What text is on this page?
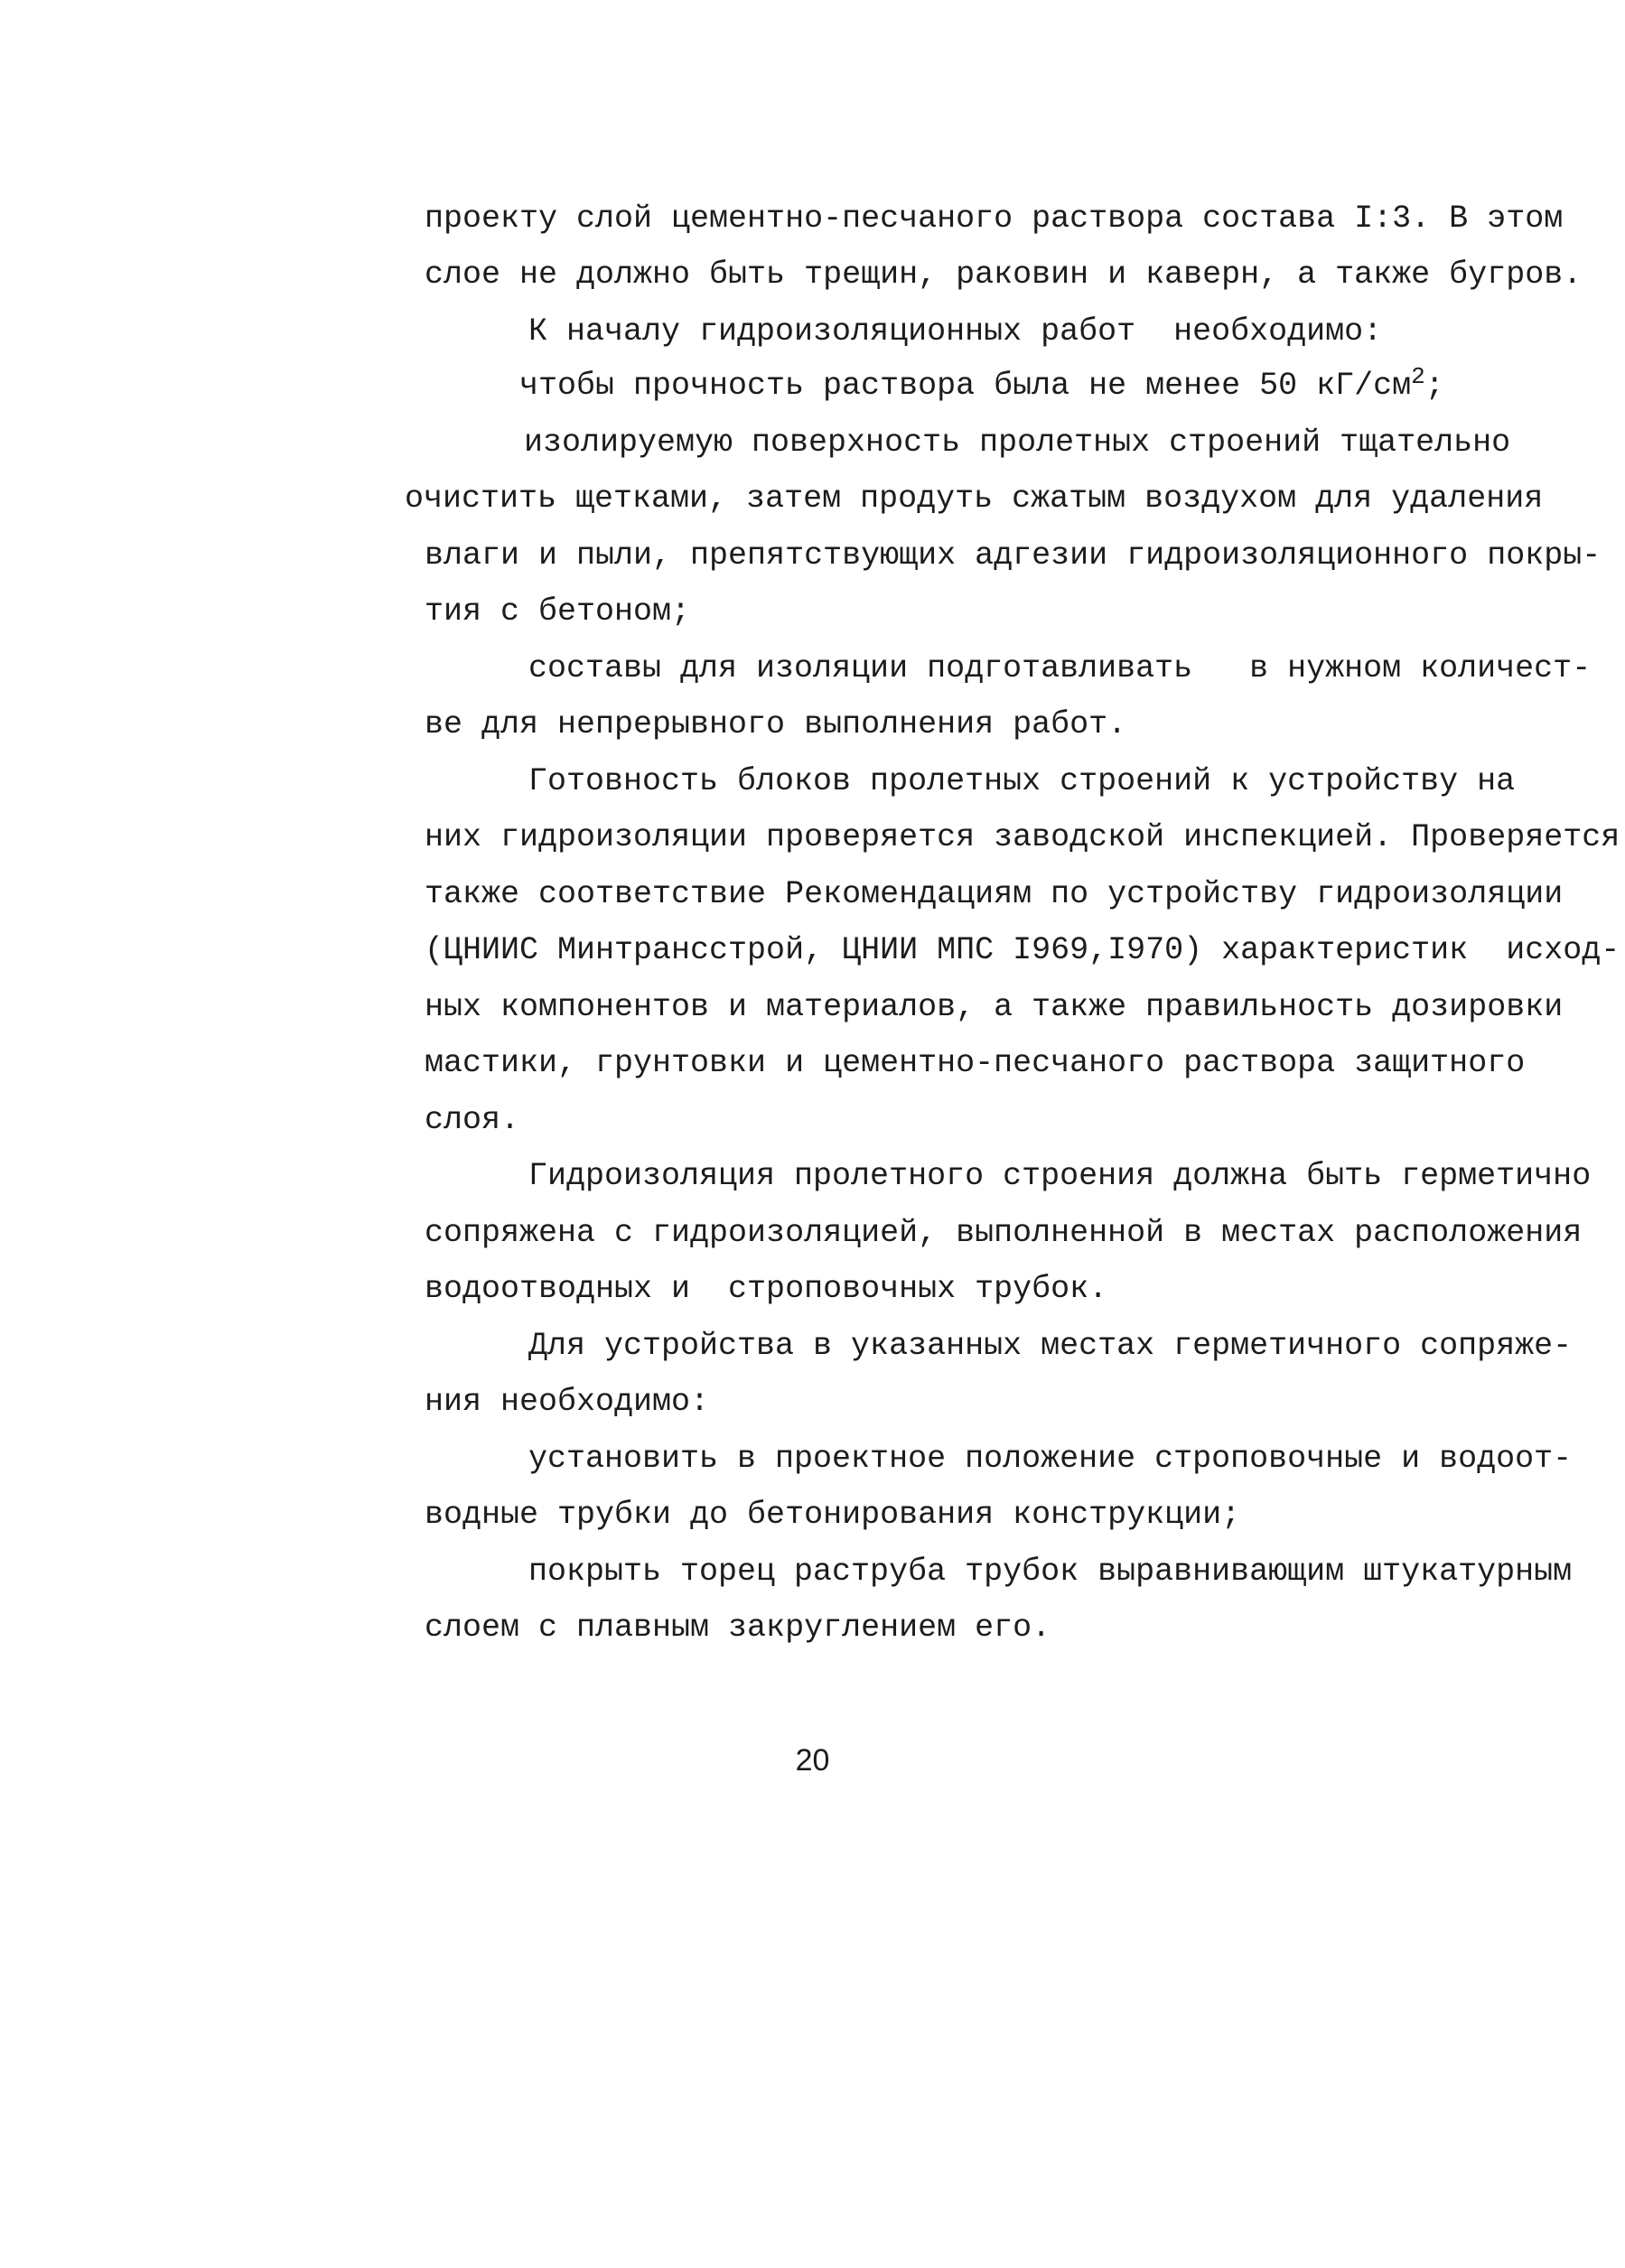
проекту слой цементно-песчаного раствора состава I:3. В этом
слое не должно быть трещин, раковин и каверн, а также бугров.
К началу гидроизоляционных работ  необходимо:
чтобы прочность раствора была не менее 50 $кГ/см^2$;
изолируемую поверхность пролетных строений тщательно
очистить щетками, затем продуть сжатым воздухом для удаления
влаги и пыли, препятствующих адгезии гидроизоляционного покры-
тия с бетоном;
составы для изоляции подготавливать   в нужном количест-
ве для непрерывного выполнения работ.
Готовность блоков пролетных строений к устройству на
них гидроизоляции проверяется заводской инспекцией. Проверяется
также соответствие Рекомендациям по устройству гидроизоляции
(ЦНИИС Минтрансстрой, ЦНИИ МПС I969,I970) характеристик  исход-
ных компонентов и материалов, а также правильность дозировки
мастики, грунтовки и цементно-песчаного раствора защитного
слоя.
Гидроизоляция пролетного строения должна быть герметично
сопряжена с гидроизоляцией, выполненной в местах расположения
водоотводных и  строповочных трубок.
Для устройства в указанных местах герметичного сопряже-
ния необходимо:
установить в проектное положение строповочные и водоот-
водные трубки до бетонирования конструкции;
покрыть торец раструба трубок выравнивающим штукатурным
слоем с плавным закруглением его.
20
